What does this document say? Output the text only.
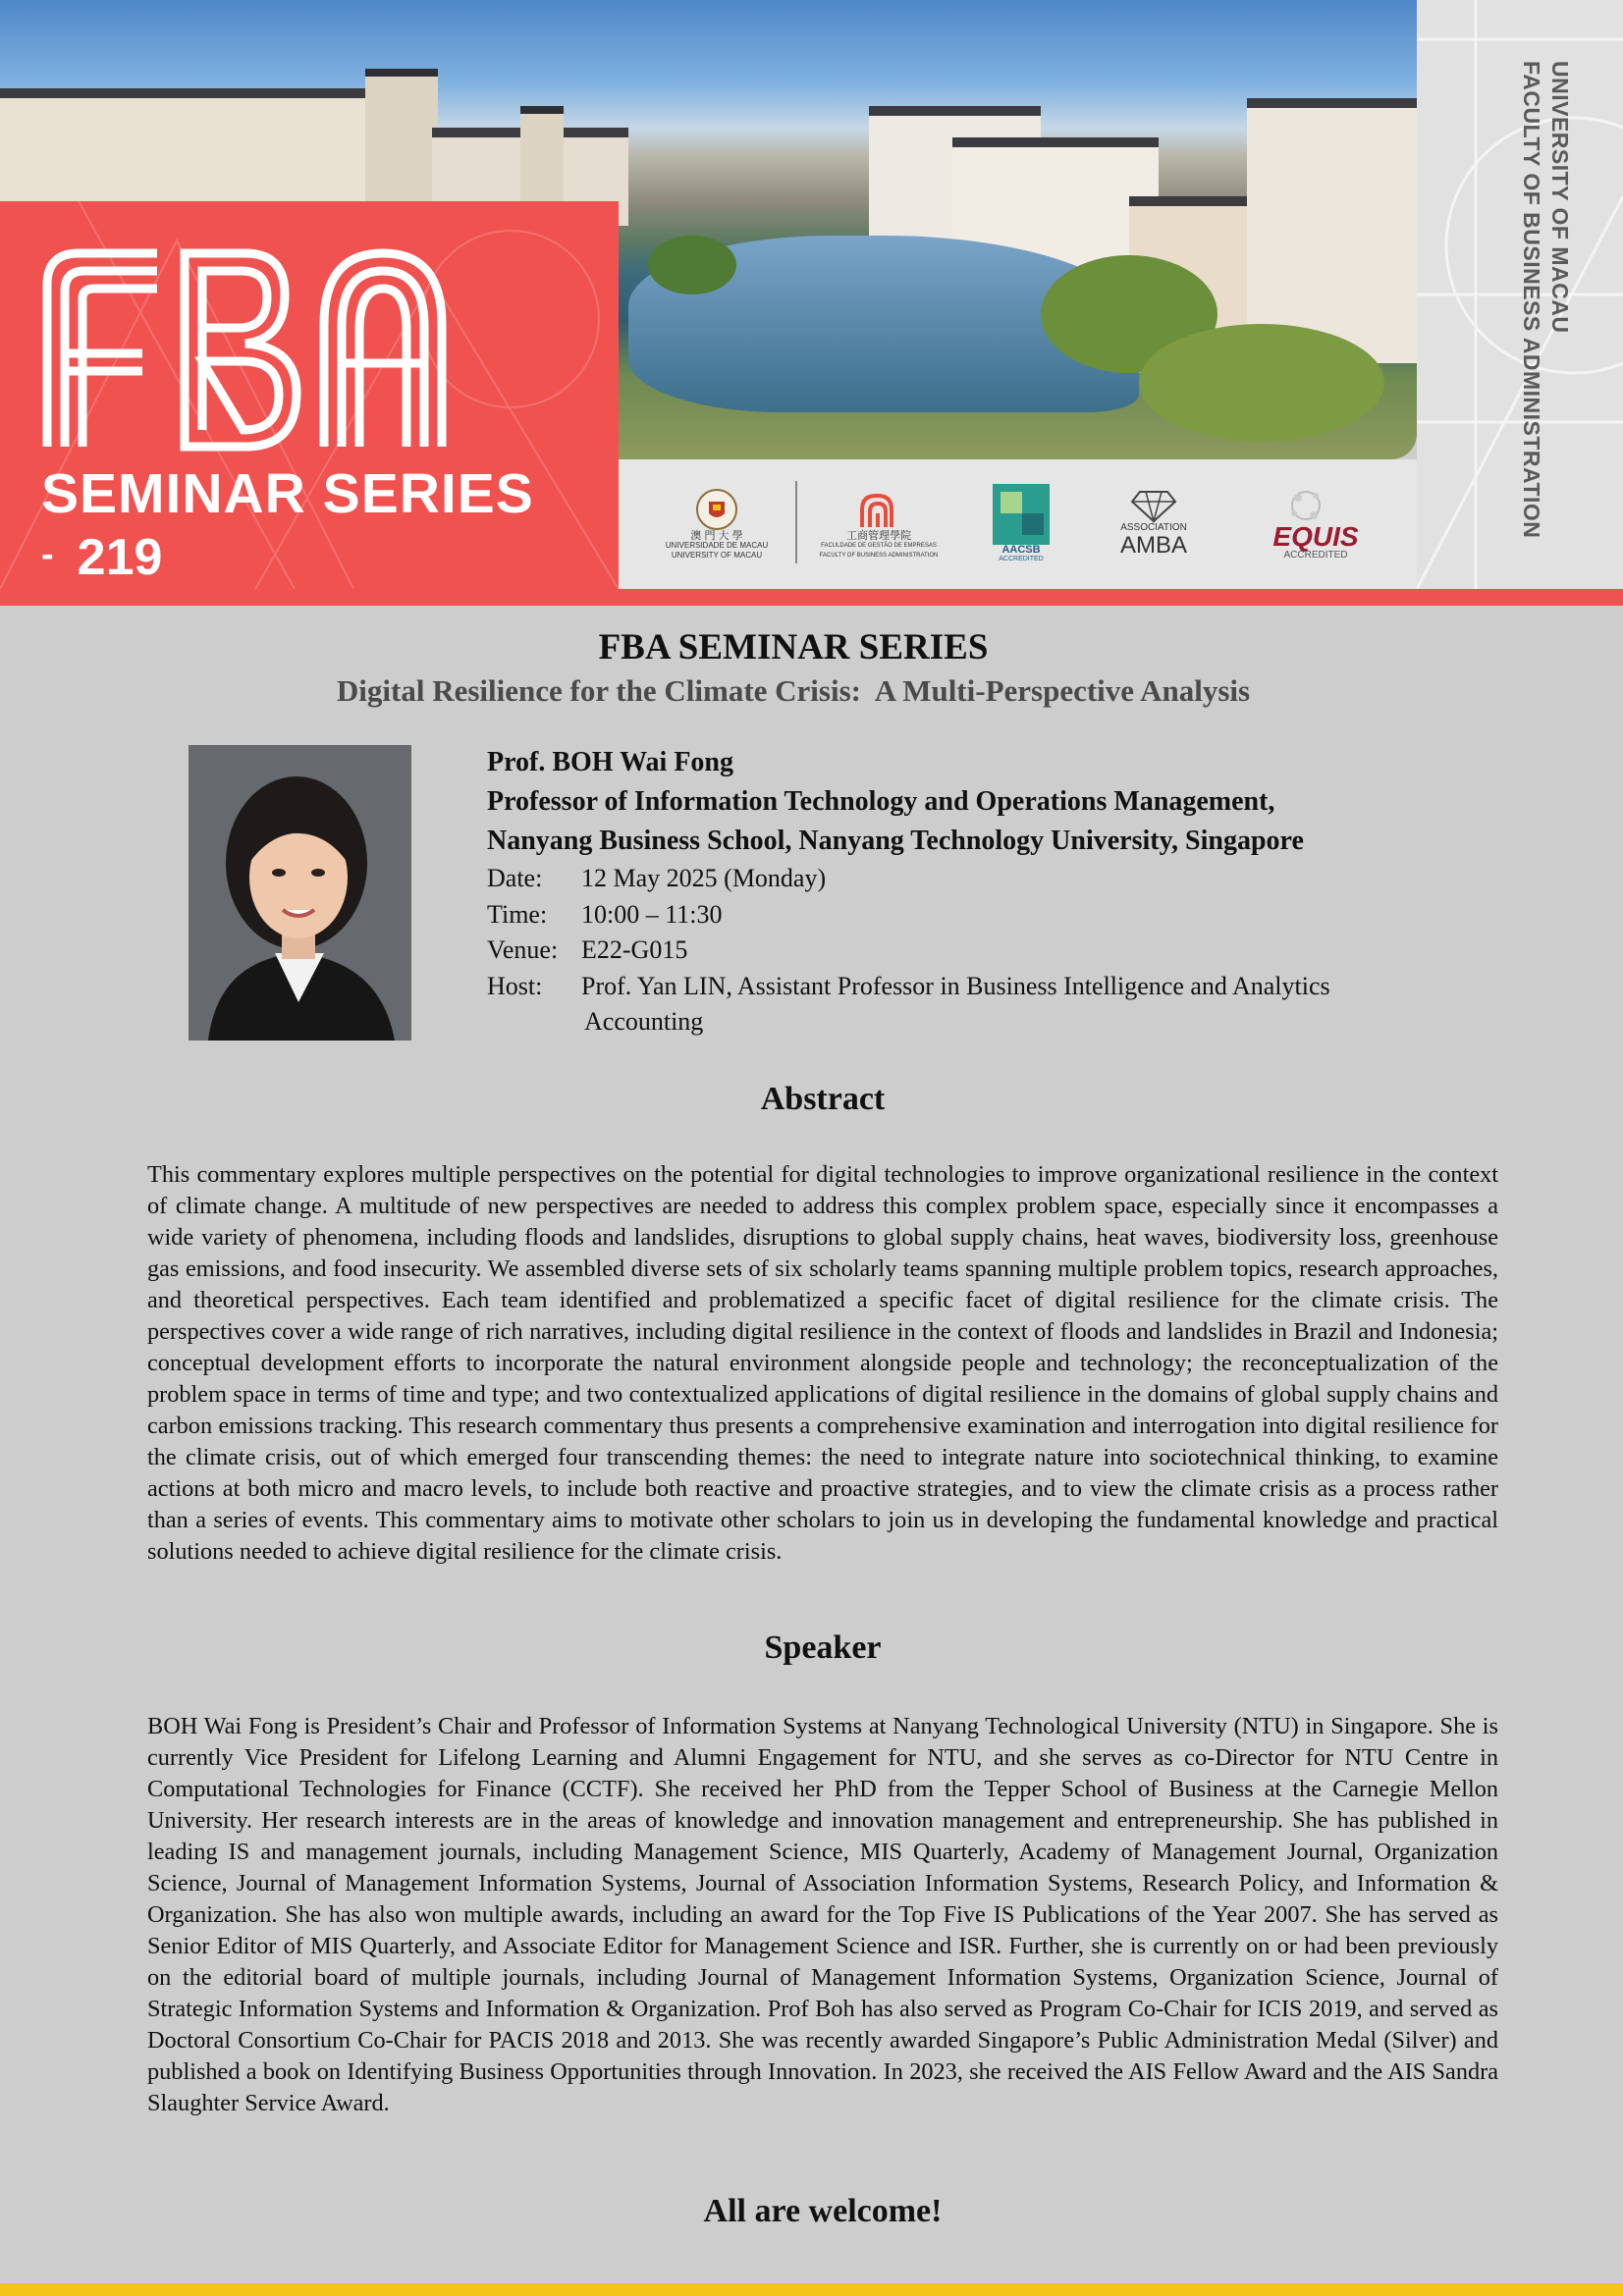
澳 門 大 學
UNIVERSIDADE DE MACAU
UNIVERSITY OF MACAU
工商管理學院
FACULDADE DE GESTÃO DE EMPRESAS
FACULTY OF BUSINESS ADMINISTRATION	AACSB
ACCREDITED
ASSOCIATION
AMBA	EQUIS
ACCREDITED
SEMINAR SERIES
- 219
UNIVERSITY OF MACAU
FACULTY OF BUSINESS ADMINISTRATION
FBA SEMINAR SERIES
Digital Resilience for the Climate Crisis:  A Multi-Perspective Analysis
Prof. BOH Wai Fong
Professor of Information Technology and Operations Management,
Nanyang Business School, Nanyang Technology University, Singapore
Date:	12 May 2025 (Monday)
Time:	10:00 – 11:30
Venue: E22-G015
Host:	Prof. Yan LIN, Assistant Professor in Business Intelligence and Analytics
Accounting
Abstract
This commentary explores multiple perspectives on the potential for digital technologies to improve organizational resilience in the context of climate change. A multitude of new perspectives are needed to address this complex problem space, especially since it encompasses a wide variety of phenomena, including floods and landslides, disruptions to global supply chains, heat waves, biodiversity loss, greenhouse gas emissions, and food insecurity. We assembled diverse sets of six scholarly teams spanning multiple problem topics, research approaches, and theoretical perspectives. Each team identified and problematized a specific facet of digital resilience for the climate crisis. The perspectives cover a wide range of rich narratives, including digital resilience in the context of floods and landslides in Brazil and Indonesia; conceptual development efforts to incorporate the natural environment alongside people and technology; the reconceptualization of the problem space in terms of time and type; and two contextualized applications of digital resilience in the domains of global supply chains and carbon emissions tracking. This research commentary thus presents a comprehensive examination and interrogation into digital resilience for the climate crisis, out of which emerged four transcending themes: the need to integrate nature into sociotechnical thinking, to examine actions at both micro and macro levels, to include both reactive and proactive strategies, and to view the climate crisis as a process rather than a series of events. This commentary aims to motivate other scholars to join us in developing the fundamental knowledge and practical solutions needed to achieve digital resilience for the climate crisis.
Speaker
BOH Wai Fong is President’s Chair and Professor of Information Systems at Nanyang Technological University (NTU) in Singapore. She is currently Vice President for Lifelong Learning and Alumni Engagement for NTU, and she serves as co-Director for NTU Centre in Computational Technologies for Finance (CCTF). She received her PhD from the Tepper School of Business at the Carnegie Mellon University. Her research interests are in the areas of knowledge and innovation management and entrepreneurship. She has published in leading IS and management journals, including Management Science, MIS Quarterly, Academy of Management Journal, Organization Science, Journal of Management Information Systems, Journal of Association Information Systems, Research Policy, and Information & Organization. She has also won multiple awards, including an award for the Top Five IS Publications of the Year 2007. She has served as Senior Editor of MIS Quarterly, and Associate Editor for Management Science and ISR. Further, she is currently on or had been previously on the editorial board of multiple journals, including Journal of Management Information Systems, Organization Science, Journal of Strategic Information Systems and Information & Organization. Prof Boh has also served as Program Co-Chair for ICIS 2019, and served as Doctoral Consortium Co-Chair for PACIS 2018 and 2013. She was recently awarded Singapore’s Public Administration Medal (Silver) and published a book on Identifying Business Opportunities through Innovation. In 2023, she received the AIS Fellow Award and the AIS Sandra Slaughter Service Award.
All are welcome!
